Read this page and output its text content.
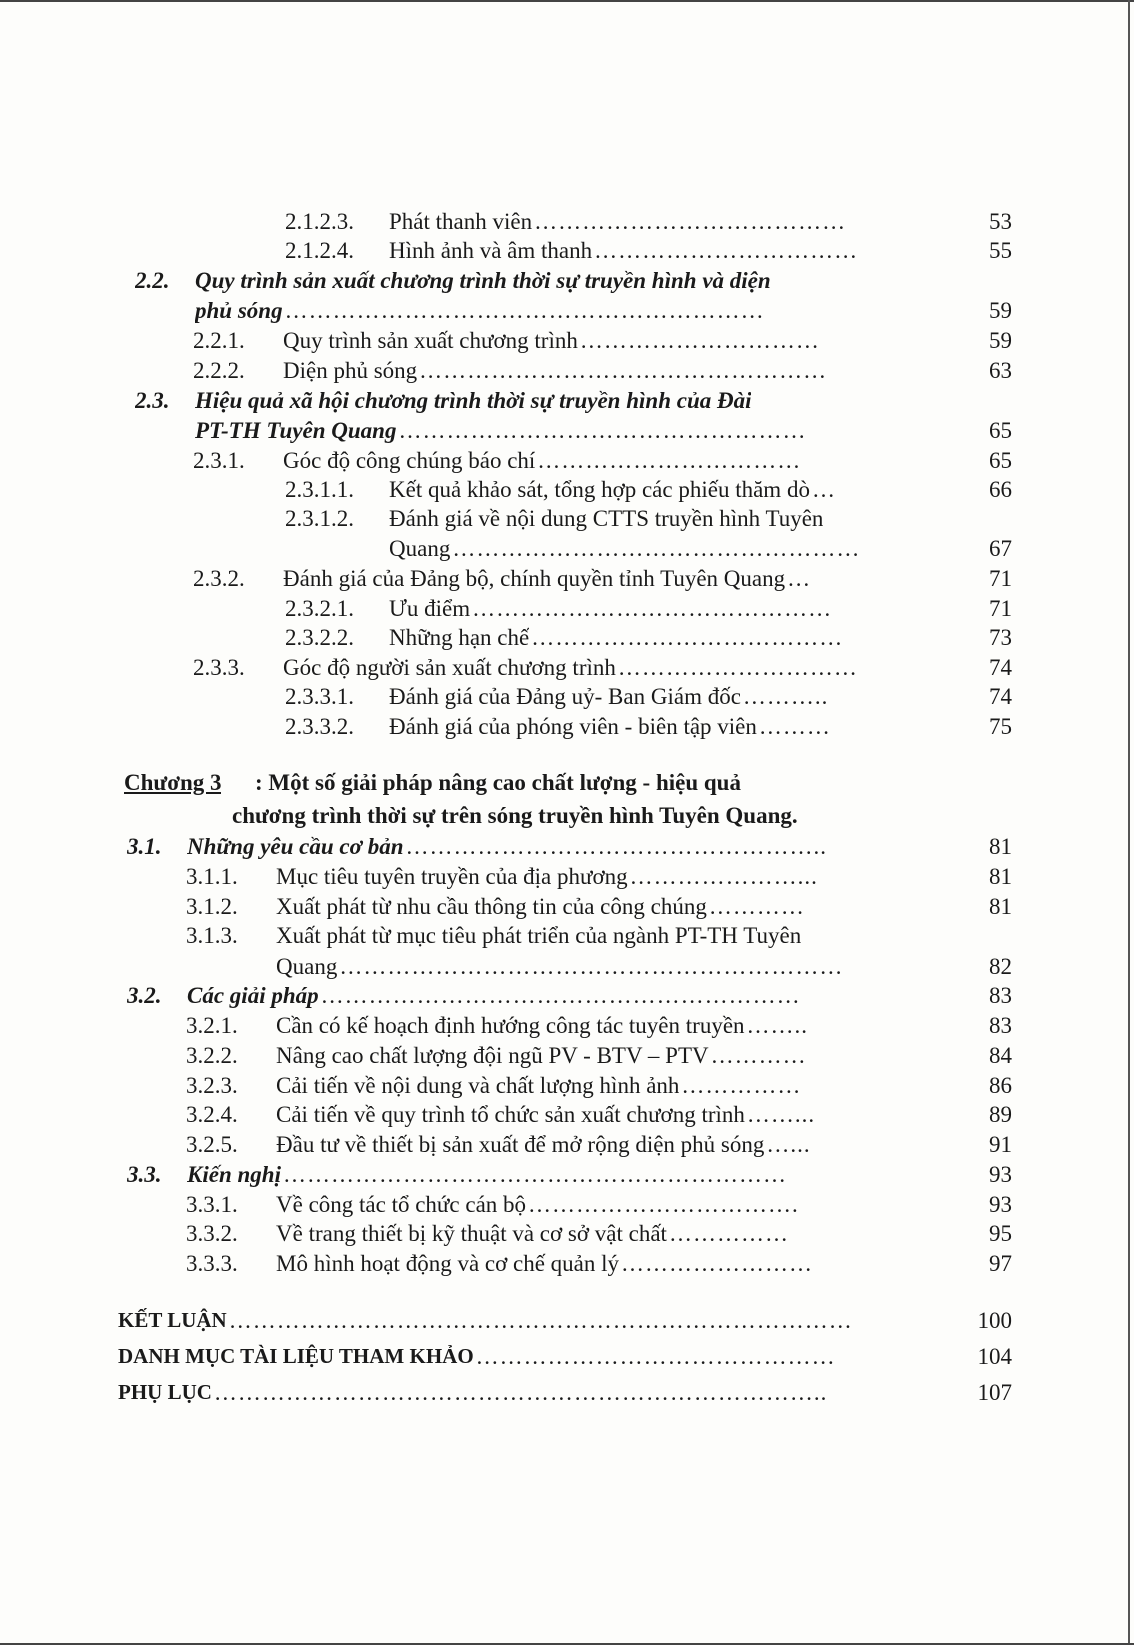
2.1.2.3. Phát thanh viên …………………………………	53
2.1.2.4. Hình ảnh và âm thanh ……………………………	55
2.2. Quy trình sản xuất chương trình thời sự truyền hình và diện
phủ sóng ……………………………………………………	59
2.2.1. Quy trình sản xuất chương trình …………………………	59
2.2.2. Diện phủ sóng ……………………………………………	63
2.3. Hiệu quả xã hội chương trình thời sự truyền hình của Đài
PT-TH Tuyên Quang ……………………………………………	65
2.3.1. Góc độ công chúng báo chí ……………………………	65
2.3.1.1. Kết quả khảo sát, tổng hợp các phiếu thăm dò …	66
2.3.1.2. Đánh giá về nội dung CTTS truyền hình Tuyên
Quang ……………………………………………	67
2.3.2. Đánh giá của Đảng bộ, chính quyền tỉnh Tuyên Quang …	71
2.3.2.1. Ưu điểm ………………………………………	71
2.3.2.2. Những hạn chế …………………………………	73
2.3.3. Góc độ người sản xuất chương trình …………………………	74
2.3.3.1. Đánh giá của Đảng uỷ- Ban Giám đốc ………..	74
2.3.3.2. Đánh giá của phóng viên - biên tập viên ………	75
Chương 3 : Một số giải pháp nâng cao chất lượng - hiệu quả
chương trình thời sự trên sóng truyền hình Tuyên Quang.
3.1. Những yêu cầu cơ bản ……………………………………………..	81
3.1.1. Mục tiêu tuyên truyền của địa phương …………………...	81
3.1.2. Xuất phát từ nhu cầu thông tin của công chúng …………	81
3.1.3. Xuất phát từ mục tiêu phát triển của ngành PT-TH Tuyên
Quang ………………………………………………………	82
3.2. Các giải pháp ……………………………………………………	83
3.2.1. Cần có kế hoạch định hướng công tác tuyên truyền ……..	83
3.2.2. Nâng cao chất lượng đội ngũ PV - BTV – PTV …………	84
3.2.3. Cải tiến về nội dung và chất lượng hình ảnh ……………	86
3.2.4. Cải tiến về quy trình tổ chức sản xuất chương trình ……...	89
3.2.5. Đầu tư về thiết bị sản xuất để mở rộng diện phủ sóng …...	91
3.3. Kiến nghị ………………………………………………………	93
3.3.1. Về công tác tổ chức cán bộ …………………………….	93
3.3.2. Về trang thiết bị kỹ thuật và cơ sở vật chất ……………	95
3.3.3. Mô hình hoạt động và cơ chế quản lý ……………………	97
KẾT LUẬN ……………………………………………………………………	100
DANH MỤC TÀI LIỆU THAM KHẢO ………………………………………	104
PHỤ LỤC …………………………………………………………………..	107
